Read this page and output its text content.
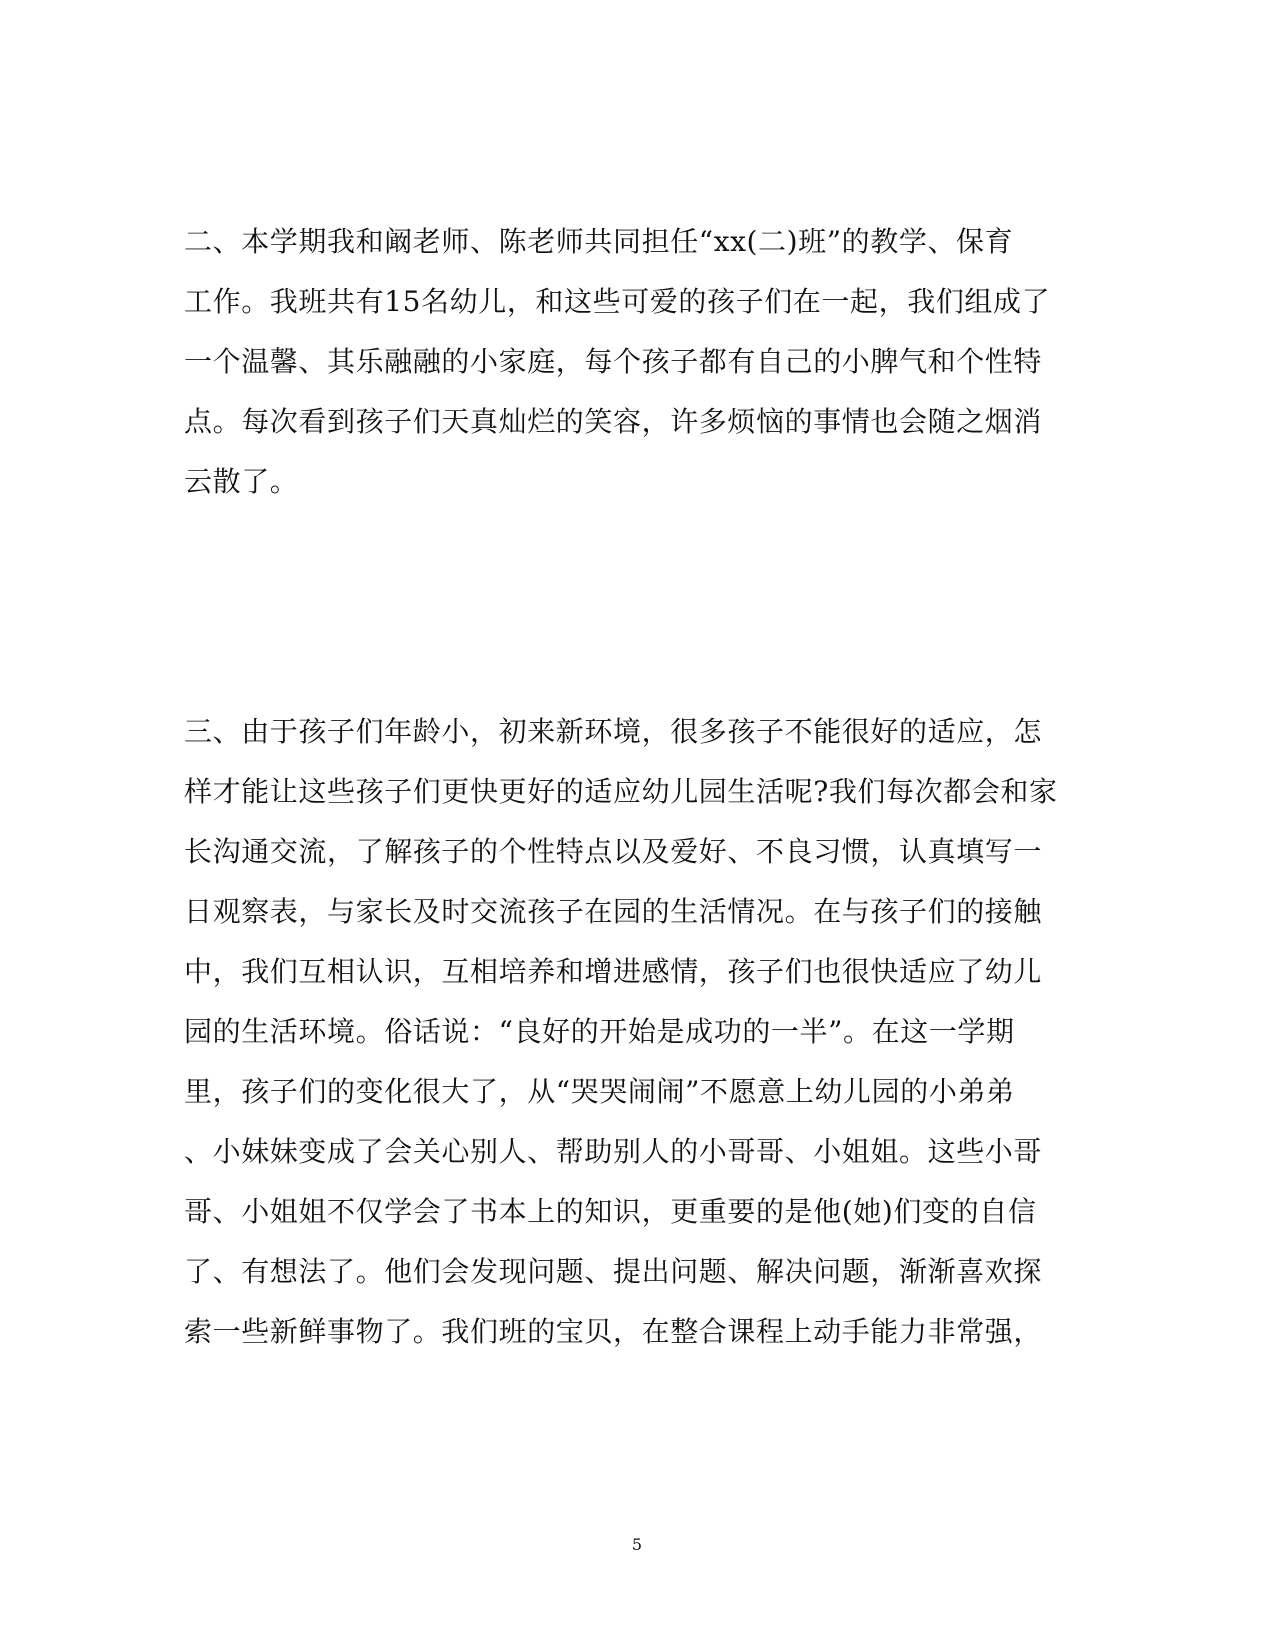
二、本学期我和阚老师、陈老师共同担任“xx(二)班”的教学、保育
工作。我班共有15名幼儿，和这些可爱的孩子们在一起，我们组成了
一个温馨、其乐融融的小家庭，每个孩子都有自己的小脾气和个性特
点。每次看到孩子们天真灿烂的笑容，许多烦恼的事情也会随之烟消
云散了。
三、由于孩子们年龄小，初来新环境，很多孩子不能很好的适应，怎
样才能让这些孩子们更快更好的适应幼儿园生活呢?我们每次都会和家
长沟通交流，了解孩子的个性特点以及爱好、不良习惯，认真填写一
日观察表，与家长及时交流孩子在园的生活情况。在与孩子们的接触
中，我们互相认识，互相培养和增进感情，孩子们也很快适应了幼儿
园的生活环境。俗话说：“良好的开始是成功的一半”。在这一学期
里，孩子们的变化很大了，从“哭哭闹闹”不愿意上幼儿园的小弟弟
、小妹妹变成了会关心别人、帮助别人的小哥哥、小姐姐。这些小哥
哥、小姐姐不仅学会了书本上的知识，更重要的是他(她)们变的自信
了、有想法了。他们会发现问题、提出问题、解决问题，渐渐喜欢探
索一些新鲜事物了。我们班的宝贝，在整合课程上动手能力非常强，
5
